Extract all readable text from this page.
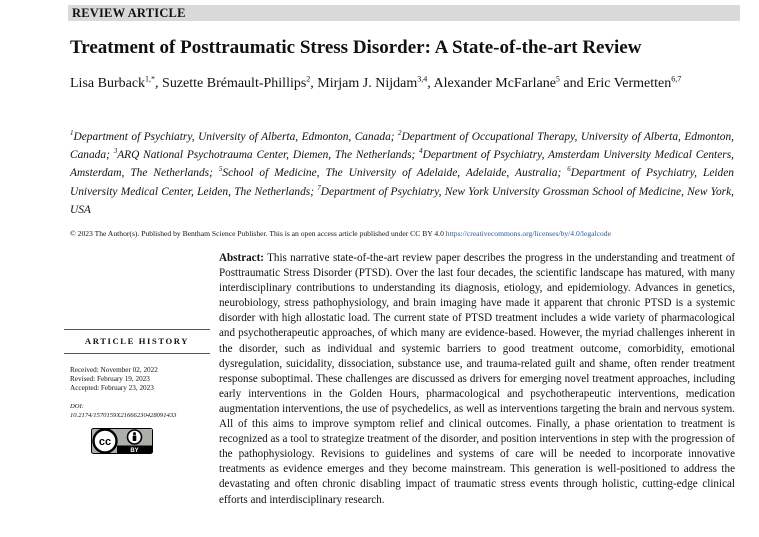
REVIEW ARTICLE
Treatment of Posttraumatic Stress Disorder: A State-of-the-art Review
Lisa Burback$^{1,*}$, Suzette Brémault-Phillips$^2$, Mirjam J. Nijdam$^{3,4}$, Alexander McFarlane$^5$ and Eric Vermetten$^{6,7}$
$^1$Department of Psychiatry, University of Alberta, Edmonton, Canada; $^2$Department of Occupational Therapy, University of Alberta, Edmonton, Canada; $^3$ARQ National Psychotrauma Center, Diemen, The Netherlands; $^4$Department of Psychiatry, Amsterdam University Medical Centers, Amsterdam, The Netherlands; $^5$School of Medicine, The University of Adelaide, Adelaide, Australia; $^6$Department of Psychiatry, Leiden University Medical Center, Leiden, The Netherlands; $^7$Department of Psychiatry, New York University Grossman School of Medicine, New York, USA
© 2023 The Author(s). Published by Bentham Science Publisher. This is an open access article published under CC BY 4.0 https://creativecommons.org/licenses/by/4.0/legalcode
ARTICLE HISTORY
Received: November 02, 2022
Revised: February 19, 2023
Accepted: February 23, 2023
DOI:
10.2174/1570159X21666230428091433
cc
BY
Abstract: This narrative state-of-the-art review paper describes the progress in the understanding and treatment of Posttraumatic Stress Disorder (PTSD). Over the last four decades, the scientific landscape has matured, with many interdisciplinary contributions to understanding its diagnosis, etiology, and epidemiology. Advances in genetics, neurobiology, stress pathophysiology, and brain imaging have made it apparent that chronic PTSD is a systemic disorder with high allostatic load. The current state of PTSD treatment includes a wide variety of pharmacological and psychotherapeutic approaches, of which many are evidence-based. However, the myriad challenges inherent in the disorder, such as individual and systemic barriers to good treatment outcome, comorbidity, emotional dysregulation, suicidality, dissociation, substance use, and trauma-related guilt and shame, often render treatment response suboptimal. These challenges are discussed as drivers for emerging novel treatment approaches, including early interventions in the Golden Hours, pharmacological and psychotherapeutic interventions, medication augmentation interventions, the use of psychedelics, as well as interventions targeting the brain and nervous system. All of this aims to improve symptom relief and clinical outcomes. Finally, a phase orientation to treatment is recognized as a tool to strategize treatment of the disorder, and position interventions in step with the progression of the pathophysiology. Revisions to guidelines and systems of care will be needed to incorporate innovative treatments as evidence emerges and they become mainstream. This generation is well-positioned to address the devastating and often chronic disabling impact of traumatic stress events through holistic, cutting-edge clinical efforts and interdisciplinary research.
